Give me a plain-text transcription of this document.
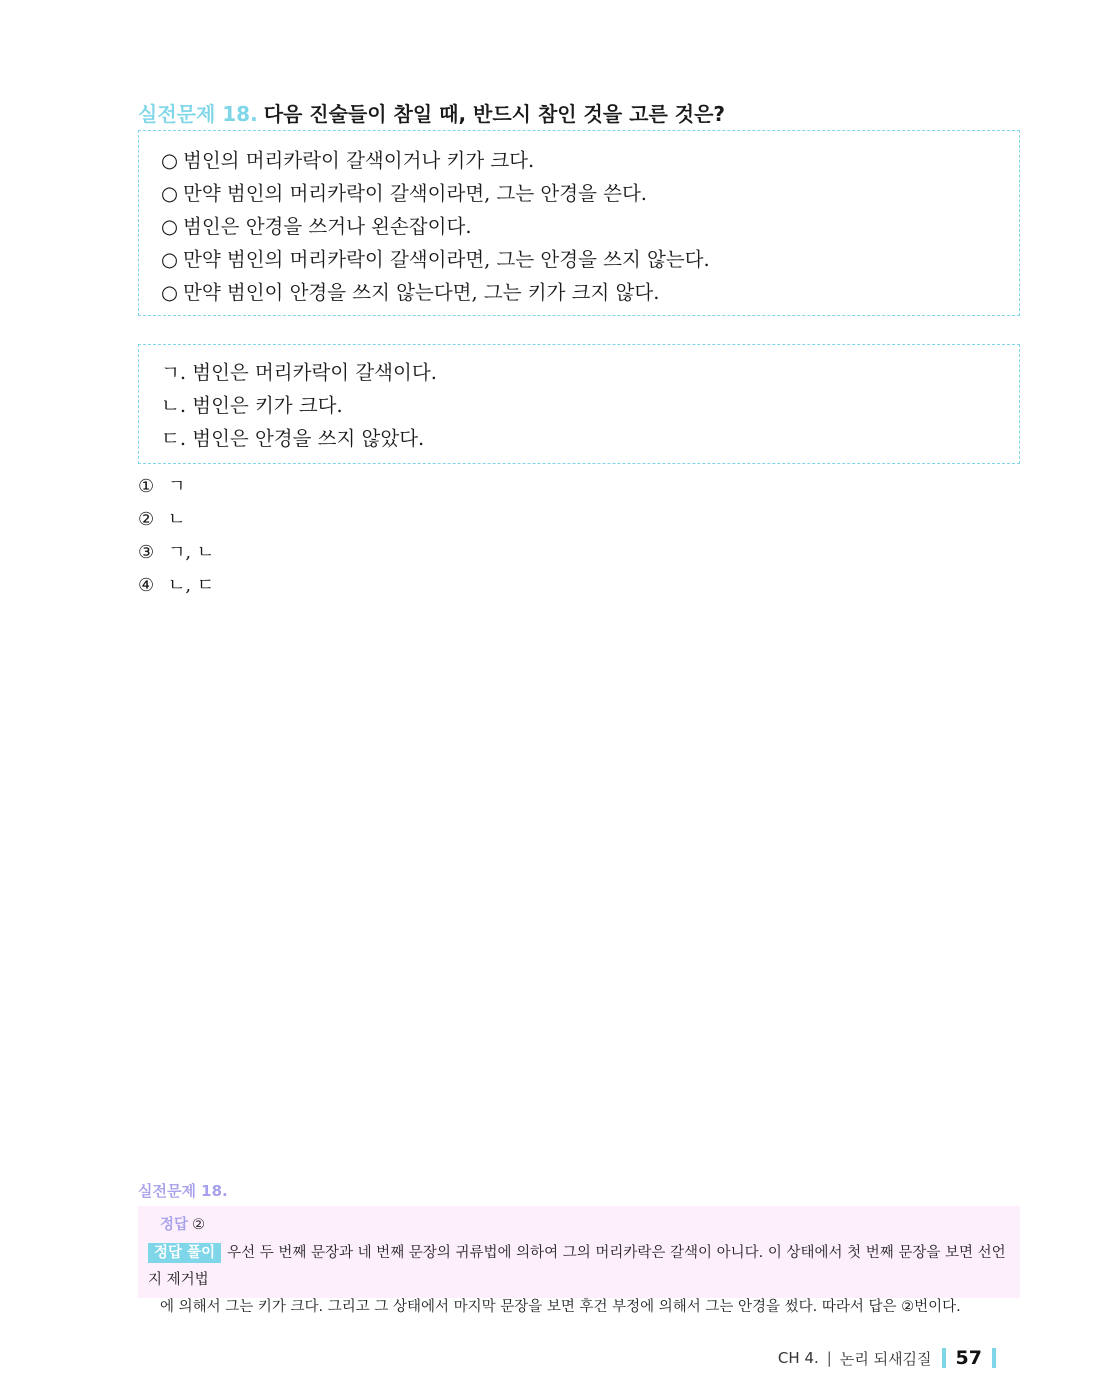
실전문제 18. 다음 진술들이 참일 때, 반드시 참인 것을 고른 것은?
○ 범인의 머리카락이 갈색이거나 키가 크다.
○ 만약 범인의 머리카락이 갈색이라면, 그는 안경을 쓴다.
○ 범인은 안경을 쓰거나 왼손잡이다.
○ 만약 범인의 머리카락이 갈색이라면, 그는 안경을 쓰지 않는다.
○ 만약 범인이 안경을 쓰지 않는다면, 그는 키가 크지 않다.
ㄱ. 범인은 머리카락이 갈색이다.
ㄴ. 범인은 키가 크다.
ㄷ. 범인은 안경을 쓰지 않았다.
① ㄱ
② ㄴ
③ ㄱ, ㄴ
④ ㄴ, ㄷ
실전문제 18.
정답 ②
정답 풀이 우선 두 번째 문장과 네 번째 문장의 귀류법에 의하여 그의 머리카락은 갈색이 아니다. 이 상태에서 첫 번째 문장을 보면 선언지 제거법
에 의해서 그는 키가 크다. 그리고 그 상태에서 마지막 문장을 보면 후건 부정에 의해서 그는 안경을 썼다. 따라서 답은 ②번이다.
CH 4. | 논리 되새김질 57
